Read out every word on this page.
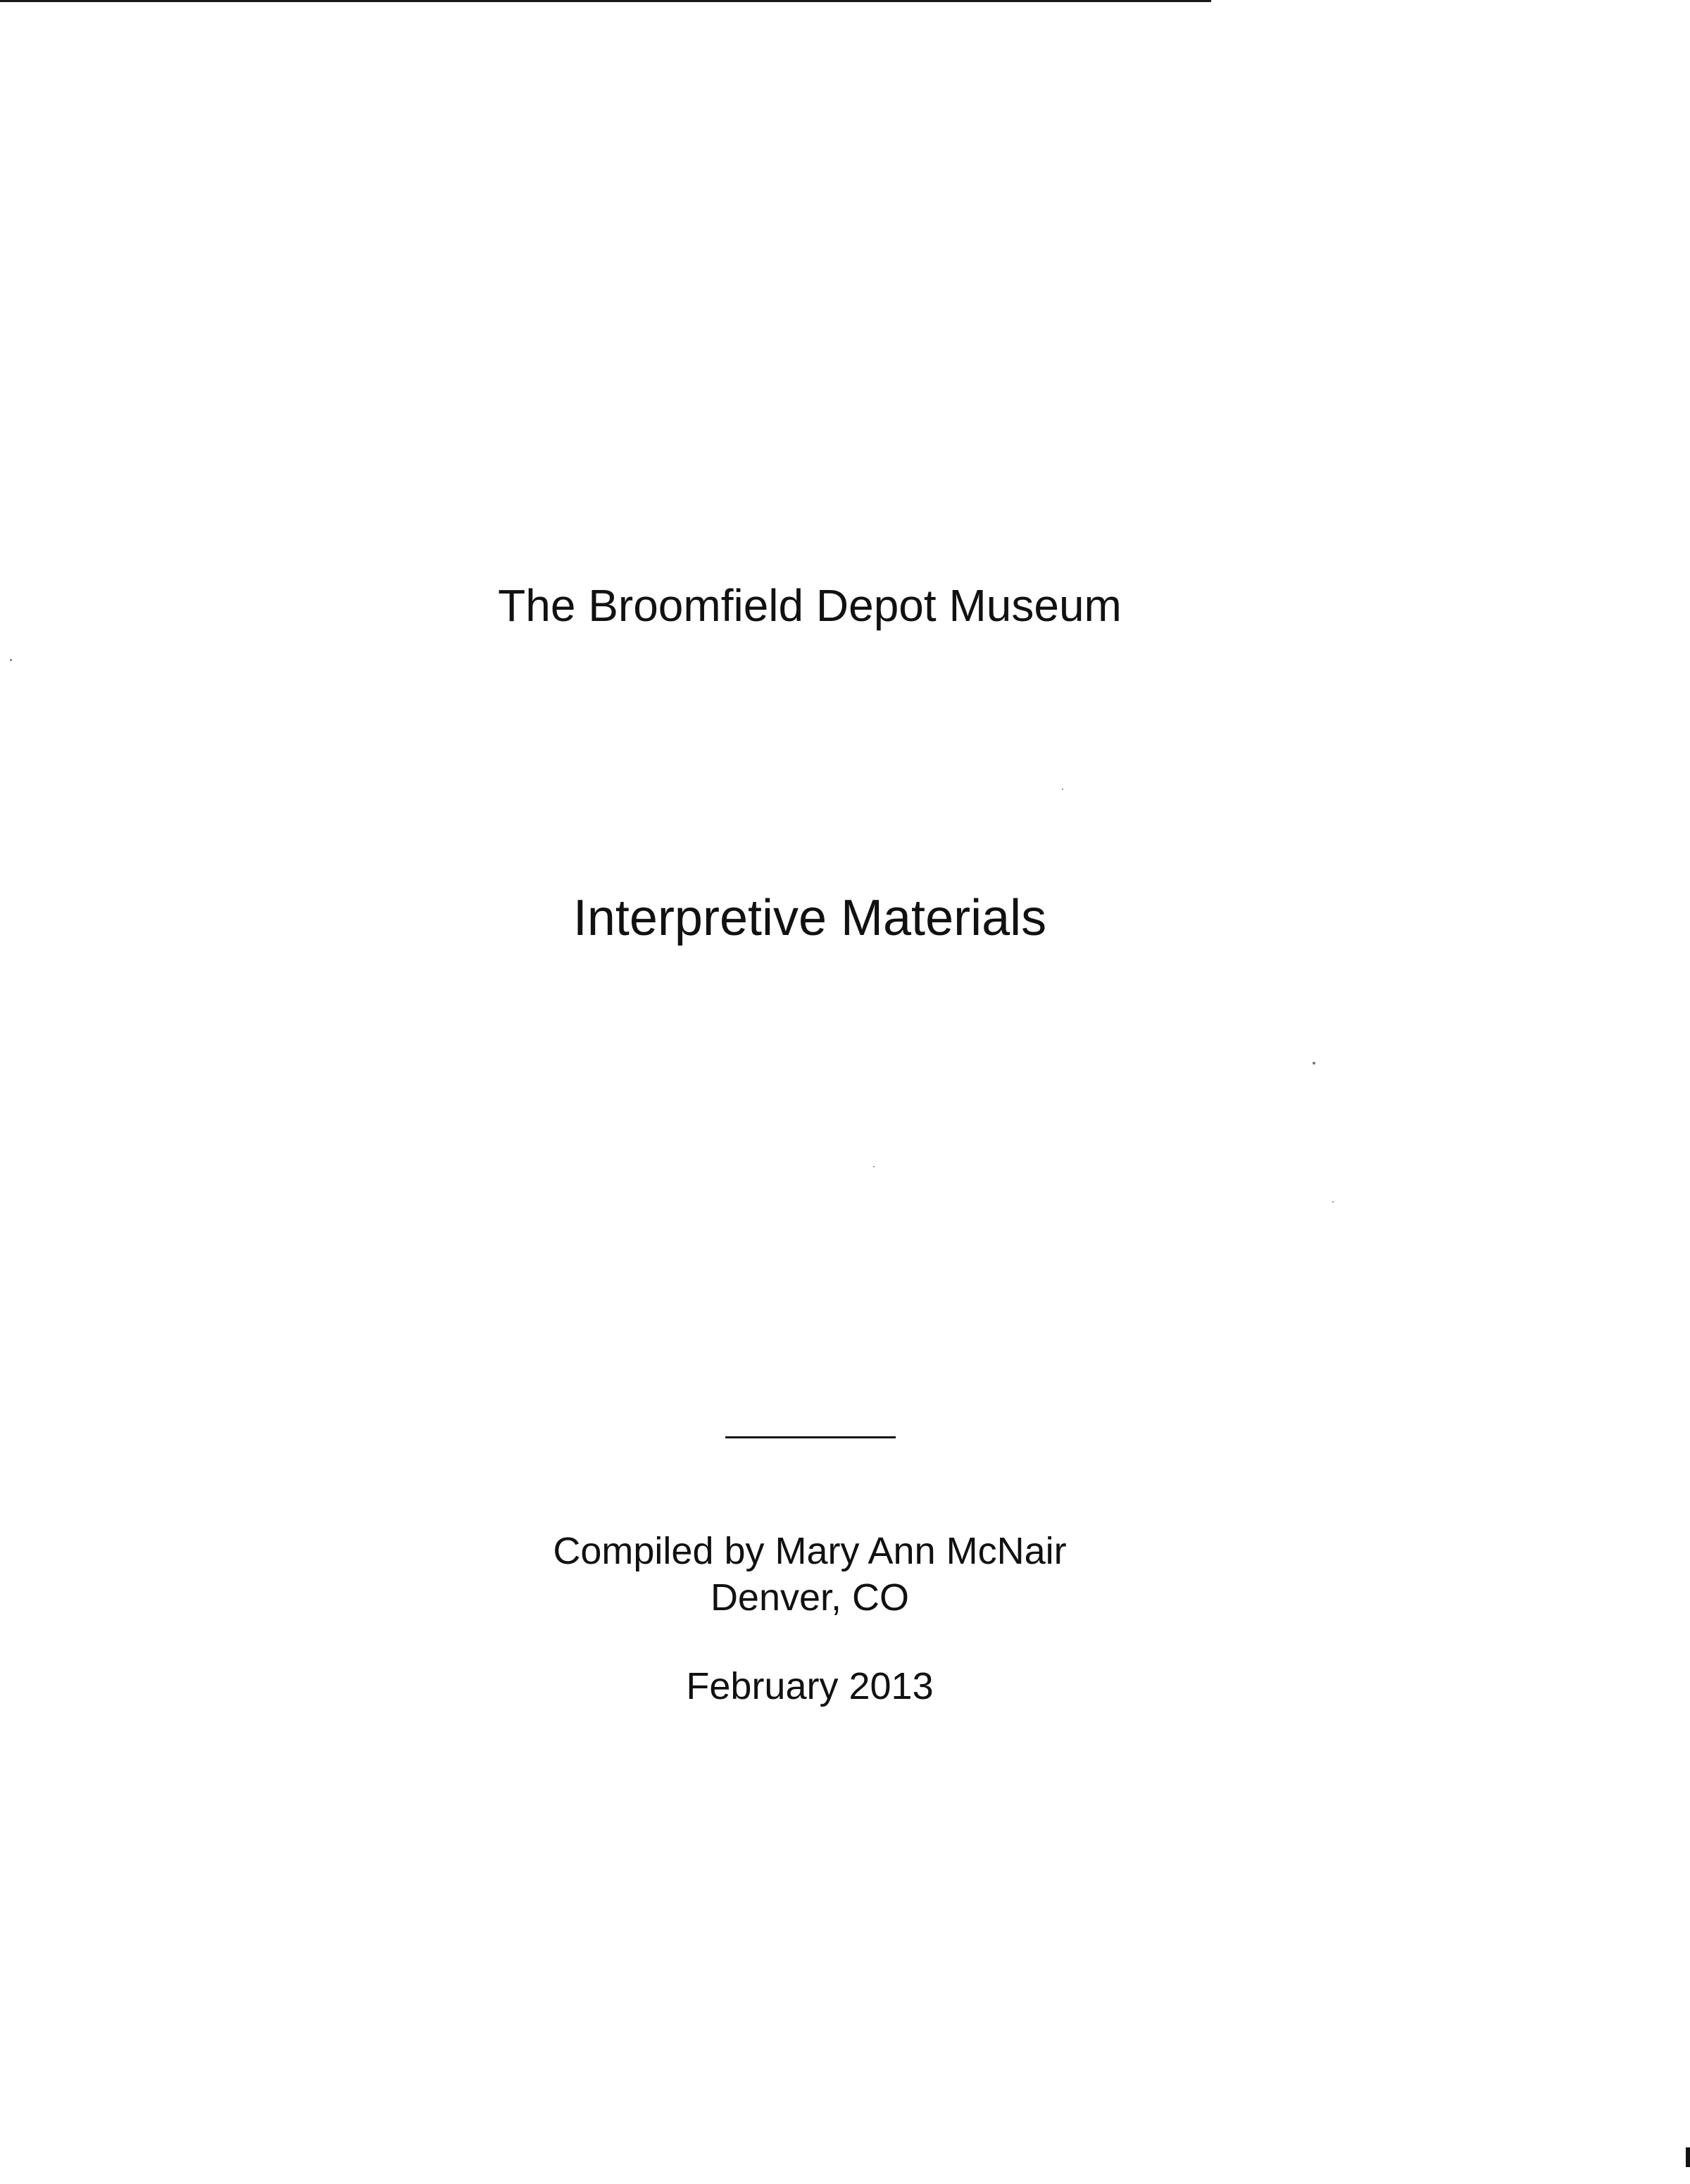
The Broomfield Depot Museum
Interpretive Materials
Compiled by Mary Ann McNair
Denver, CO
February 2013
